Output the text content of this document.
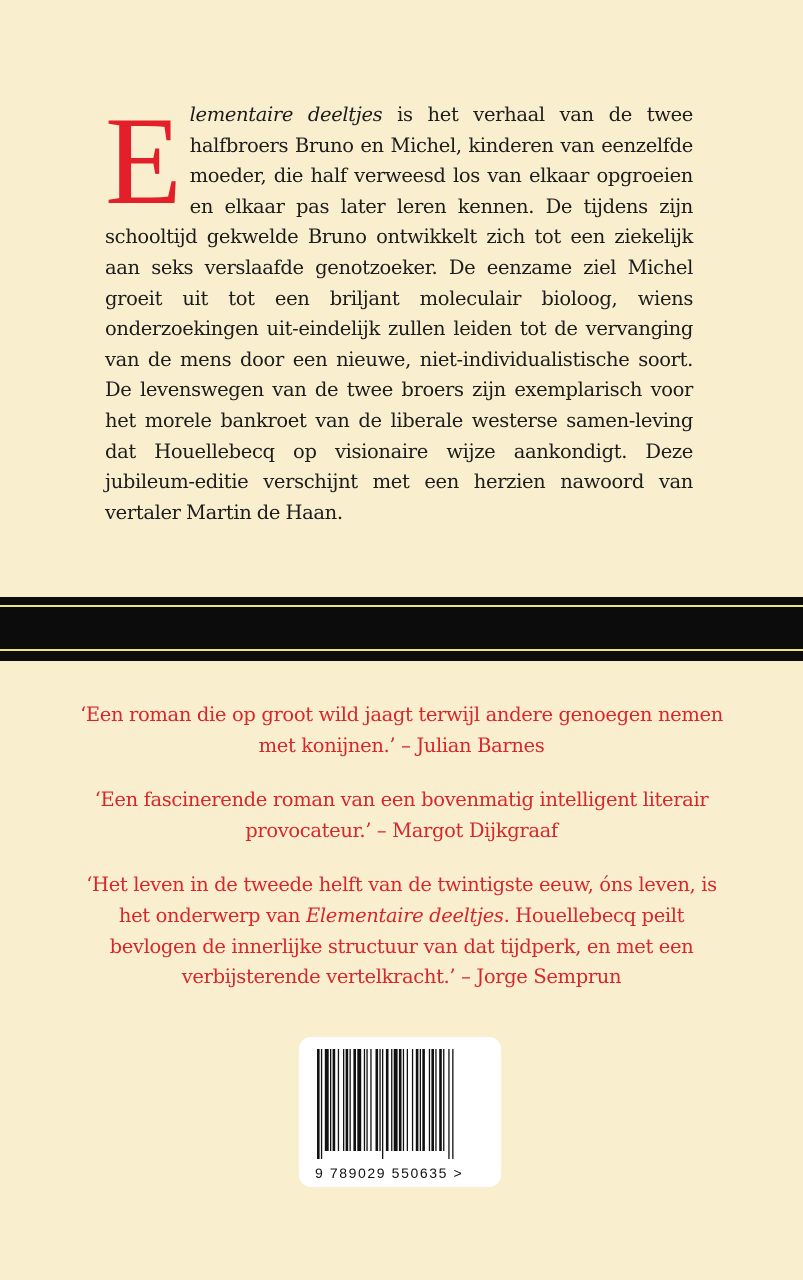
Elementaire deeltjes is het verhaal van de twee halfbroers Bruno en Michel, kinderen van eenzelfde moeder, die half verweesd los van elkaar opgroeien en elkaar pas later leren kennen. De tijdens zijn schooltijd gekwelde Bruno ontwikkelt zich tot een ziekelijk aan seks verslaafde genotzoeker. De eenzame ziel Michel groeit uit tot een briljant moleculair bioloog, wiens onderzoekingen uit-eindelijk zullen leiden tot de vervanging van de mens door een nieuwe, niet-individualistische soort. De levenswegen van de twee broers zijn exemplarisch voor het morele bankroet van de liberale westerse samen-leving dat Houellebecq op visionaire wijze aankondigt. Deze jubileum-editie verschijnt met een herzien nawoord van vertaler Martin de Haan.

‘Een roman die op groot wild jaagt terwijl andere genoegen nemen met konijnen.’ – Julian Barnes

‘Een fascinerende roman van een bovenmatig intelligent literair provocateur.’ – Margot Dijkgraaf

‘Het leven in de tweede helft van de twintigste eeuw, óns leven, is het onderwerp van Elementaire deeltjes. Houellebecq peilt bevlogen de innerlijke structuur van dat tijdperk, en met een verbijsterende vertelkracht.’ – Jorge Semprun

9 789029 550635 >
